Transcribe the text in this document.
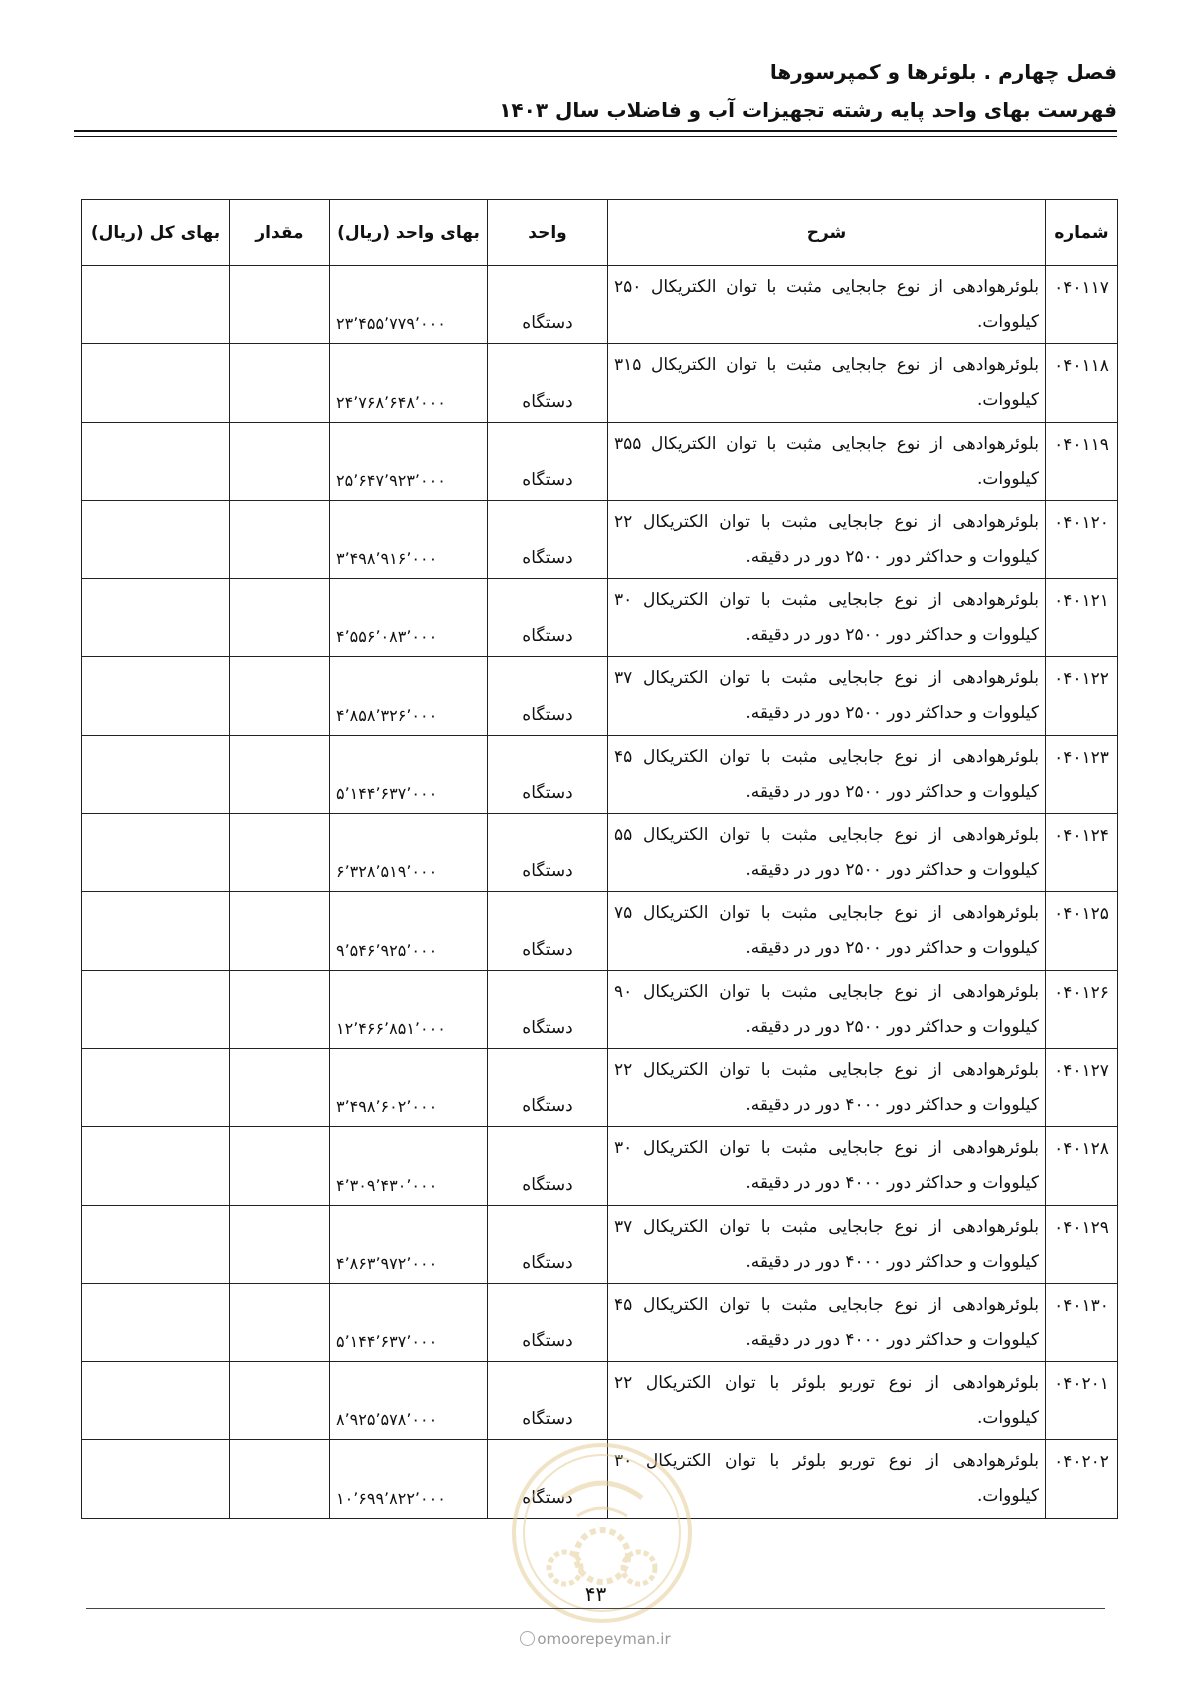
فصل چهارم . بلوئرها و کمپرسورها
فهرست بهای واحد پایه رشته تجهیزات آب و فاضلاب سال ۱۴۰۳
شماره	شرح	واحد	بهای واحد (ریال)	مقدار	بهای کل (ریال)
۰۴۰۱۱۷	بلوئرهوادهی از نوع جابجایی مثبت با توان الکتریکال ۲۵۰ کیلووات.	دستگاه	۲۳٬۴۵۵٬۷۷۹٬۰۰۰		
۰۴۰۱۱۸	بلوئرهوادهی از نوع جابجایی مثبت با توان الکتریکال ۳۱۵ کیلووات.	دستگاه	۲۴٬۷۶۸٬۶۴۸٬۰۰۰		
۰۴۰۱۱۹	بلوئرهوادهی از نوع جابجایی مثبت با توان الکتریکال ۳۵۵ کیلووات.	دستگاه	۲۵٬۶۴۷٬۹۲۳٬۰۰۰		
۰۴۰۱۲۰	بلوئرهوادهی از نوع جابجایی مثبت با توان الکتریکال ۲۲ کیلووات و حداکثر دور ۲۵۰۰ دور در دقیقه.	دستگاه	۳٬۴۹۸٬۹۱۶٬۰۰۰		
۰۴۰۱۲۱	بلوئرهوادهی از نوع جابجایی مثبت با توان الکتریکال ۳۰ کیلووات و حداکثر دور ۲۵۰۰ دور در دقیقه.	دستگاه	۴٬۵۵۶٬۰۸۳٬۰۰۰		
۰۴۰۱۲۲	بلوئرهوادهی از نوع جابجایی مثبت با توان الکتریکال ۳۷ کیلووات و حداکثر دور ۲۵۰۰ دور در دقیقه.	دستگاه	۴٬۸۵۸٬۳۲۶٬۰۰۰		
۰۴۰۱۲۳	بلوئرهوادهی از نوع جابجایی مثبت با توان الکتریکال ۴۵ کیلووات و حداکثر دور ۲۵۰۰ دور در دقیقه.	دستگاه	۵٬۱۴۴٬۶۳۷٬۰۰۰		
۰۴۰۱۲۴	بلوئرهوادهی از نوع جابجایی مثبت با توان الکتریکال ۵۵ کیلووات و حداکثر دور ۲۵۰۰ دور در دقیقه.	دستگاه	۶٬۳۲۸٬۵۱۹٬۰۰۰		
۰۴۰۱۲۵	بلوئرهوادهی از نوع جابجایی مثبت با توان الکتریکال ۷۵ کیلووات و حداکثر دور ۲۵۰۰ دور در دقیقه.	دستگاه	۹٬۵۴۶٬۹۲۵٬۰۰۰		
۰۴۰۱۲۶	بلوئرهوادهی از نوع جابجایی مثبت با توان الکتریکال ۹۰ کیلووات و حداکثر دور ۲۵۰۰ دور در دقیقه.	دستگاه	۱۲٬۴۶۶٬۸۵۱٬۰۰۰		
۰۴۰۱۲۷	بلوئرهوادهی از نوع جابجایی مثبت با توان الکتریکال ۲۲ کیلووات و حداکثر دور ۴۰۰۰ دور در دقیقه.	دستگاه	۳٬۴۹۸٬۶۰۲٬۰۰۰		
۰۴۰۱۲۸	بلوئرهوادهی از نوع جابجایی مثبت با توان الکتریکال ۳۰ کیلووات و حداکثر دور ۴۰۰۰ دور در دقیقه.	دستگاه	۴٬۳۰۹٬۴۳۰٬۰۰۰		
۰۴۰۱۲۹	بلوئرهوادهی از نوع جابجایی مثبت با توان الکتریکال ۳۷ کیلووات و حداکثر دور ۴۰۰۰ دور در دقیقه.	دستگاه	۴٬۸۶۳٬۹۷۲٬۰۰۰		
۰۴۰۱۳۰	بلوئرهوادهی از نوع جابجایی مثبت با توان الکتریکال ۴۵ کیلووات و حداکثر دور ۴۰۰۰ دور در دقیقه.	دستگاه	۵٬۱۴۴٬۶۳۷٬۰۰۰		
۰۴۰۲۰۱	بلوئرهوادهی از نوع توربو بلوئر با توان الکتریکال ۲۲ کیلووات.	دستگاه	۸٬۹۲۵٬۵۷۸٬۰۰۰		
۰۴۰۲۰۲	بلوئرهوادهی از نوع توربو بلوئر با توان الکتریکال ۳۰ کیلووات.	دستگاه	۱۰٬۶۹۹٬۸۲۲٬۰۰۰		
۴۳
omoorepeyman.ir
